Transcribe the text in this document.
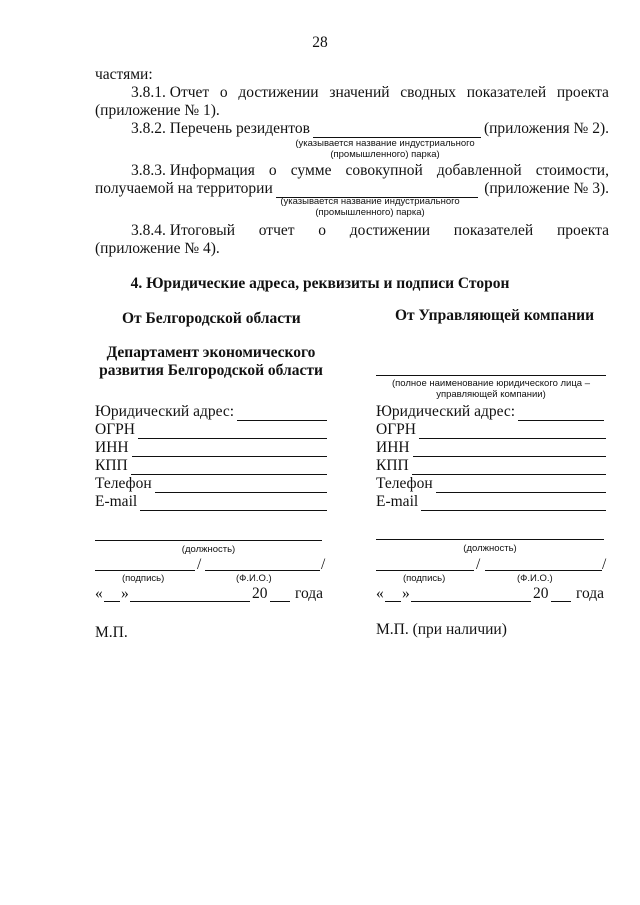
28
частями:
3.8.1. Отчет о достижении значений сводных показателей проекта
(приложение № 1).
3.8.2. Перечень резидентов	(приложения № 2).
(указывается название индустриального
(промышленного) парка)
3.8.3. Информация о сумме совокупной добавленной стоимости,
получаемой на территории	(приложение № 3).
(указывается название индустриального
(промышленного) парка)
3.8.4. Итоговый отчет о достижении показателей проекта
(приложение № 4).
4. Юридические адреса, реквизиты и подписи Сторон
От Белгородской области
Департамент экономического
развития Белгородской области
Юридический адрес:
ОГРН
ИНН
КПП
Телефон
E-mail
(должность)
/	/
(подпись)	(Ф.И.О.)
« »	20 года
М.П.
От Управляющей компании
(полное наименование юридического лица –
управляющей компании)
Юридический адрес:
ОГРН
ИНН
КПП
Телефон
E-mail
(должность)
/	/
(подпись)	(Ф.И.О.)
« »	20 года
М.П. (при наличии)
